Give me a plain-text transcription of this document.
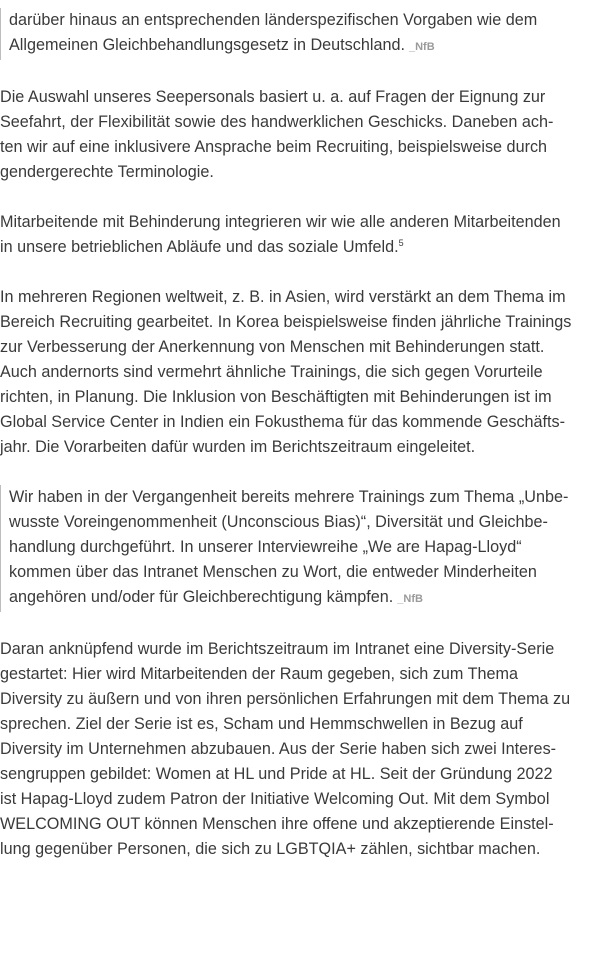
darüber hinaus an entsprechenden länderspezifischen Vorgaben wie dem
Allgemeinen Gleichbehandlungsgesetz in Deutschland. _NfB
Die Auswahl unseres Seepersonals basiert u. a. auf Fragen der Eignung zur
Seefahrt, der Flexibilität sowie des handwerklichen Geschicks. Daneben ach-
ten wir auf eine inklusivere Ansprache beim Recruiting, beispielsweise durch
gendergerechte Terminologie.
Mitarbeitende mit Behinderung integrieren wir wie alle anderen Mitarbeitenden
in unsere betrieblichen Abläufe und das soziale Umfeld.$^5$
In mehreren Regionen weltweit, z. B. in Asien, wird verstärkt an dem Thema im
Bereich Recruiting gearbeitet. In Korea beispielsweise finden jährliche Trainings
zur Verbesserung der Anerkennung von Menschen mit Behinderungen statt.
Auch andernorts sind vermehrt ähnliche Trainings, die sich gegen Vorurteile
richten, in Planung. Die Inklusion von Beschäftigten mit Behinderungen ist im
Global Service Center in Indien ein Fokusthema für das kommende Geschäfts-
jahr. Die Vorarbeiten dafür wurden im Berichtszeitraum eingeleitet.
Wir haben in der Vergangenheit bereits mehrere Trainings zum Thema „Unbe-
wusste Voreingenommenheit (Unconscious Bias)“, Diversität und Gleichbe-
handlung durchgeführt. In unserer Interviewreihe „We are Hapag-Lloyd“
kommen über das Intranet Menschen zu Wort, die entweder Minderheiten
angehören und/oder für Gleichberechtigung kämpfen. _NfB
Daran anknüpfend wurde im Berichtszeitraum im Intranet eine Diversity-Serie
gestartet: Hier wird Mitarbeitenden der Raum gegeben, sich zum Thema
Diversity zu äußern und von ihren persönlichen Erfahrungen mit dem Thema zu
sprechen. Ziel der Serie ist es, Scham und Hemmschwellen in Bezug auf
Diversity im Unternehmen abzubauen. Aus der Serie haben sich zwei Interes-
sengruppen gebildet: Women at HL und Pride at HL. Seit der Gründung 2022
ist Hapag-Lloyd zudem Patron der Initiative Welcoming Out. Mit dem Symbol
WELCOMING OUT können Menschen ihre offene und akzeptierende Einstel-
lung gegenüber Personen, die sich zu LGBTQIA+ zählen, sichtbar machen.
